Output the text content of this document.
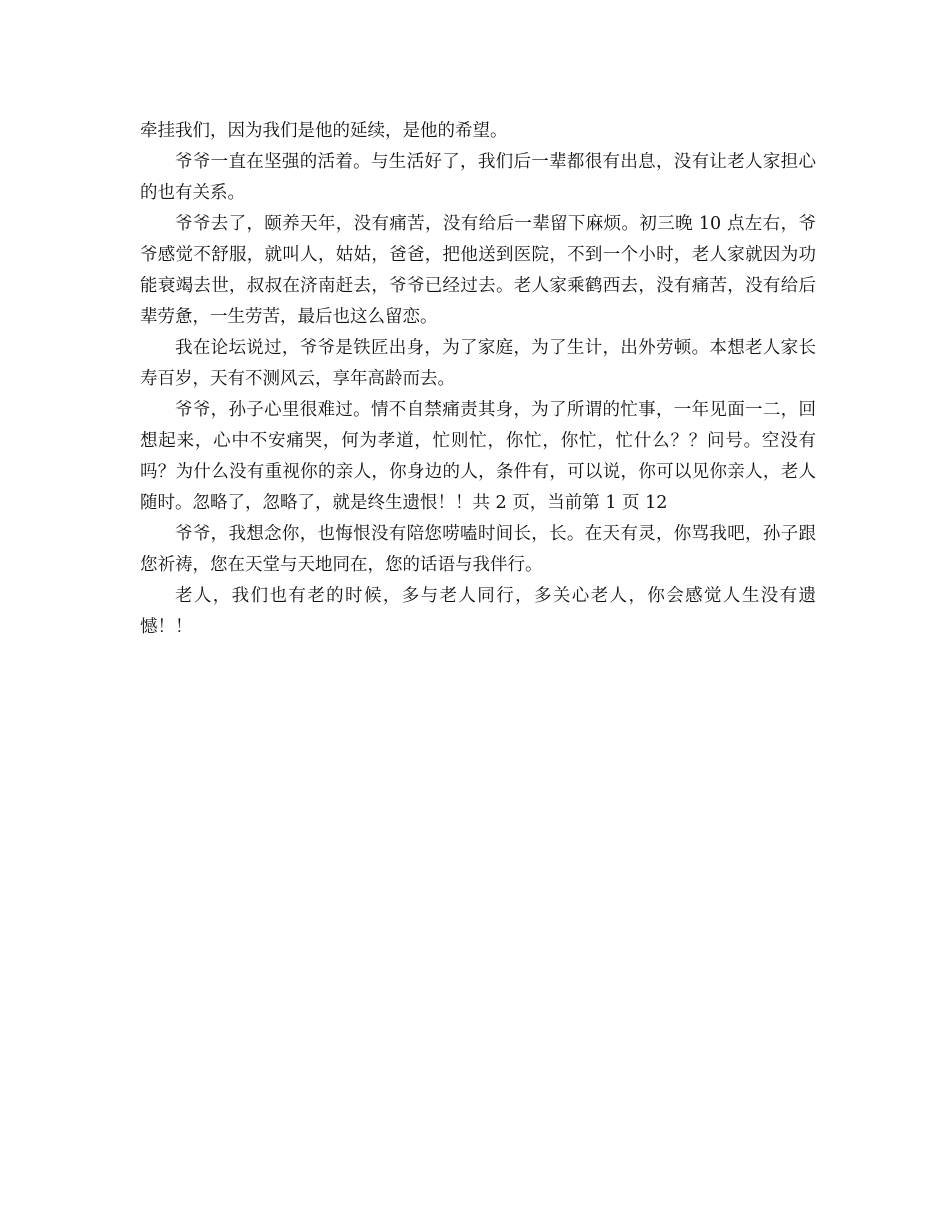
牵挂我们，因为我们是他的延续，是他的希望。

爷爷一直在坚强的活着。与生活好了，我们后一辈都很有出息，没有让老人家担心的也有关系。

爷爷去了，颐养天年，没有痛苦，没有给后一辈留下麻烦。初三晚 10 点左右，爷爷感觉不舒服，就叫人，姑姑，爸爸，把他送到医院，不到一个小时，老人家就因为功能衰竭去世，叔叔在济南赶去，爷爷已经过去。老人家乘鹤西去，没有痛苦，没有给后辈劳惫，一生劳苦，最后也这么留恋。

我在论坛说过，爷爷是铁匠出身，为了家庭，为了生计，出外劳顿。本想老人家长寿百岁，天有不测风云，享年高龄而去。

爷爷，孙子心里很难过。情不自禁痛责其身，为了所谓的忙事，一年见面一二，回想起来，心中不安痛哭，何为孝道，忙则忙，你忙，你忙，忙什么？？问号。空没有吗？为什么没有重视你的亲人，你身边的人，条件有，可以说，你可以见你亲人，老人随时。忽略了，忽略了，就是终生遗恨！！共 2 页，当前第 1 页 12

爷爷，我想念你，也悔恨没有陪您唠嗑时间长，长。在天有灵，你骂我吧，孙子跟您祈祷，您在天堂与天地同在，您的话语与我伴行。

老人，我们也有老的时候，多与老人同行，多关心老人，你会感觉人生没有遗憾！！
